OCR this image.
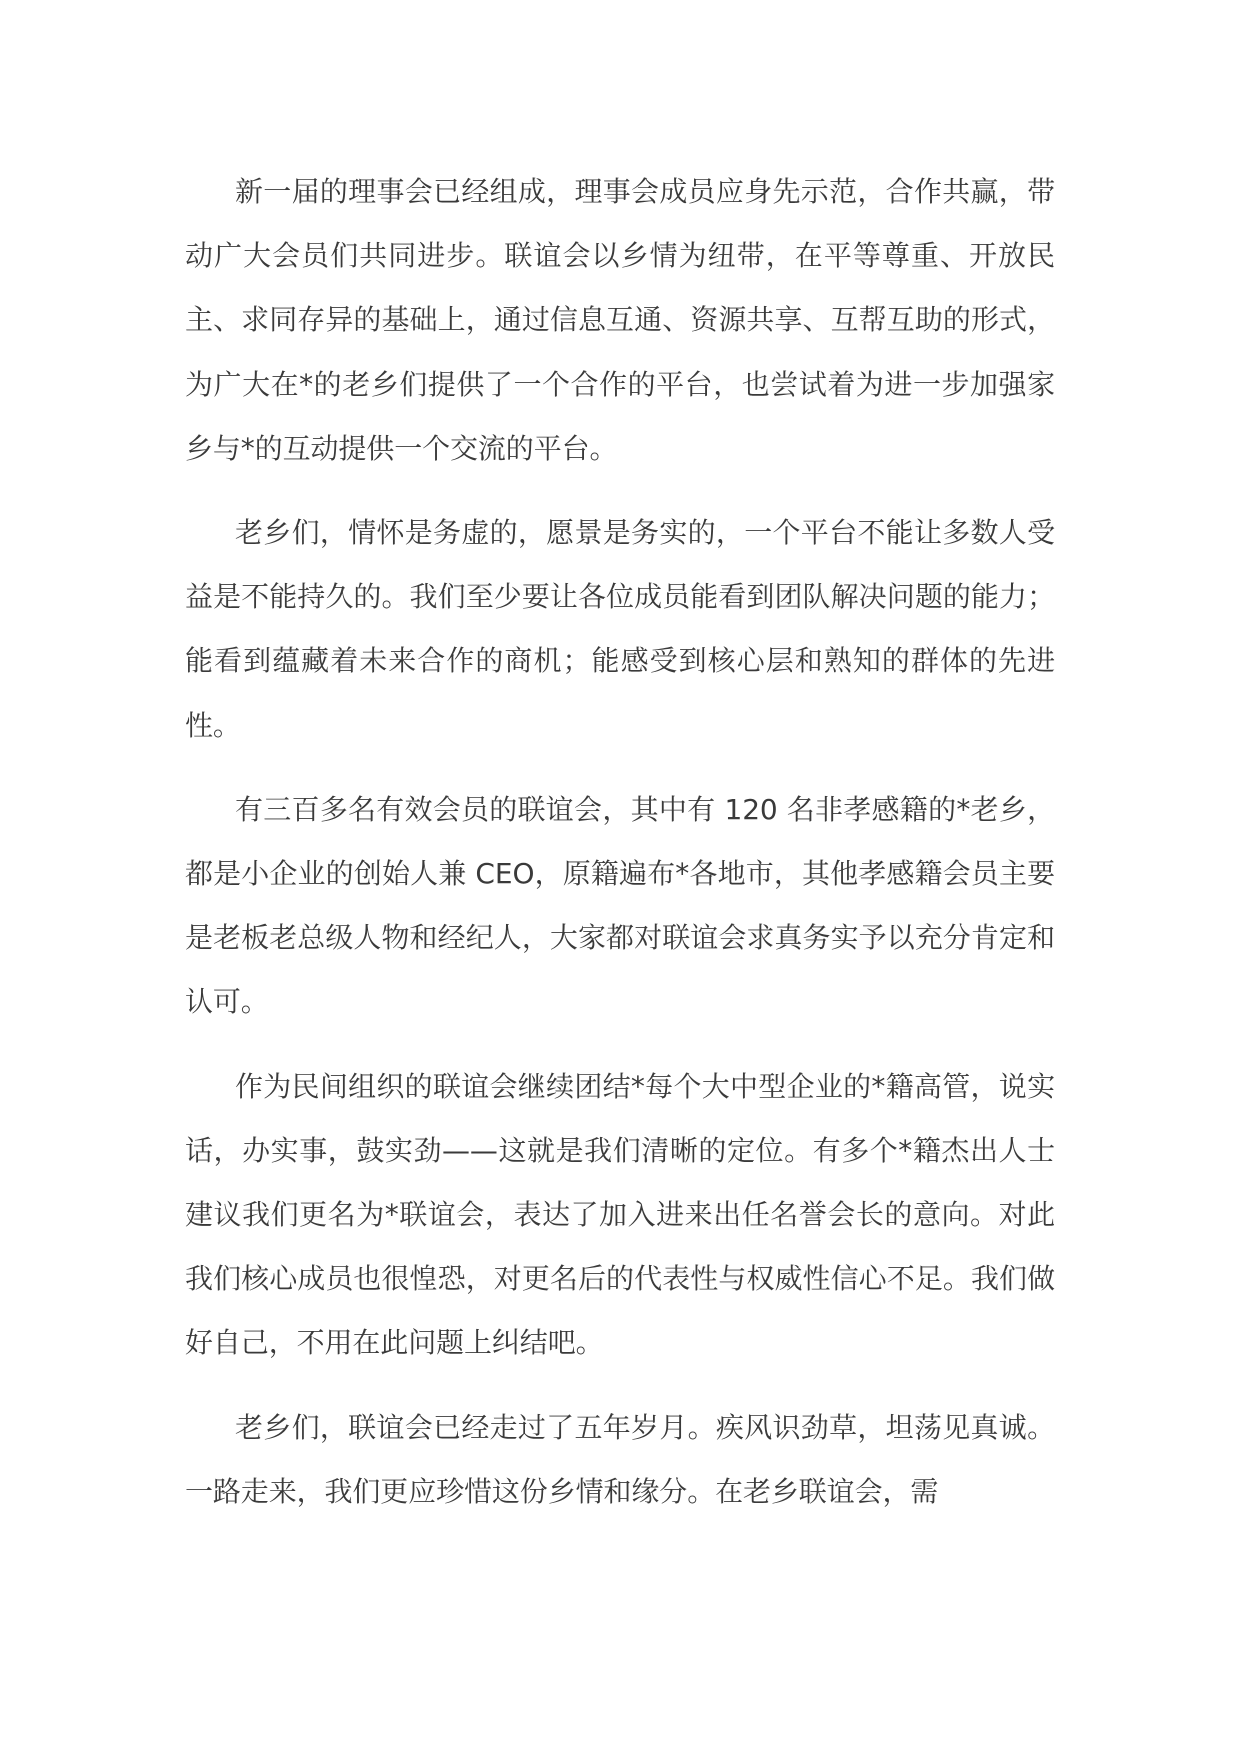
新一届的理事会已经组成，理事会成员应身先示范，合作共赢，带动广大会员们共同进步。联谊会以乡情为纽带，在平等尊重、开放民主、求同存异的基础上，通过信息互通、资源共享、互帮互助的形式，为广大在*的老乡们提供了一个合作的平台，也尝试着为进一步加强家乡与*的互动提供一个交流的平台。

老乡们，情怀是务虚的，愿景是务实的，一个平台不能让多数人受益是不能持久的。我们至少要让各位成员能看到团队解决问题的能力；能看到蕴藏着未来合作的商机；能感受到核心层和熟知的群体的先进性。

有三百多名有效会员的联谊会，其中有 120 名非孝感籍的*老乡，都是小企业的创始人兼 CEO，原籍遍布*各地市，其他孝感籍会员主要是老板老总级人物和经纪人，大家都对联谊会求真务实予以充分肯定和认可。

作为民间组织的联谊会继续团结*每个大中型企业的*籍高管，说实话，办实事，鼓实劲——这就是我们清晰的定位。有多个*籍杰出人士建议我们更名为*联谊会，表达了加入进来出任名誉会长的意向。对此我们核心成员也很惶恐，对更名后的代表性与权威性信心不足。我们做好自己，不用在此问题上纠结吧。

老乡们，联谊会已经走过了五年岁月。疾风识劲草，坦荡见真诚。一路走来，我们更应珍惜这份乡情和缘分。在老乡联谊会，需
